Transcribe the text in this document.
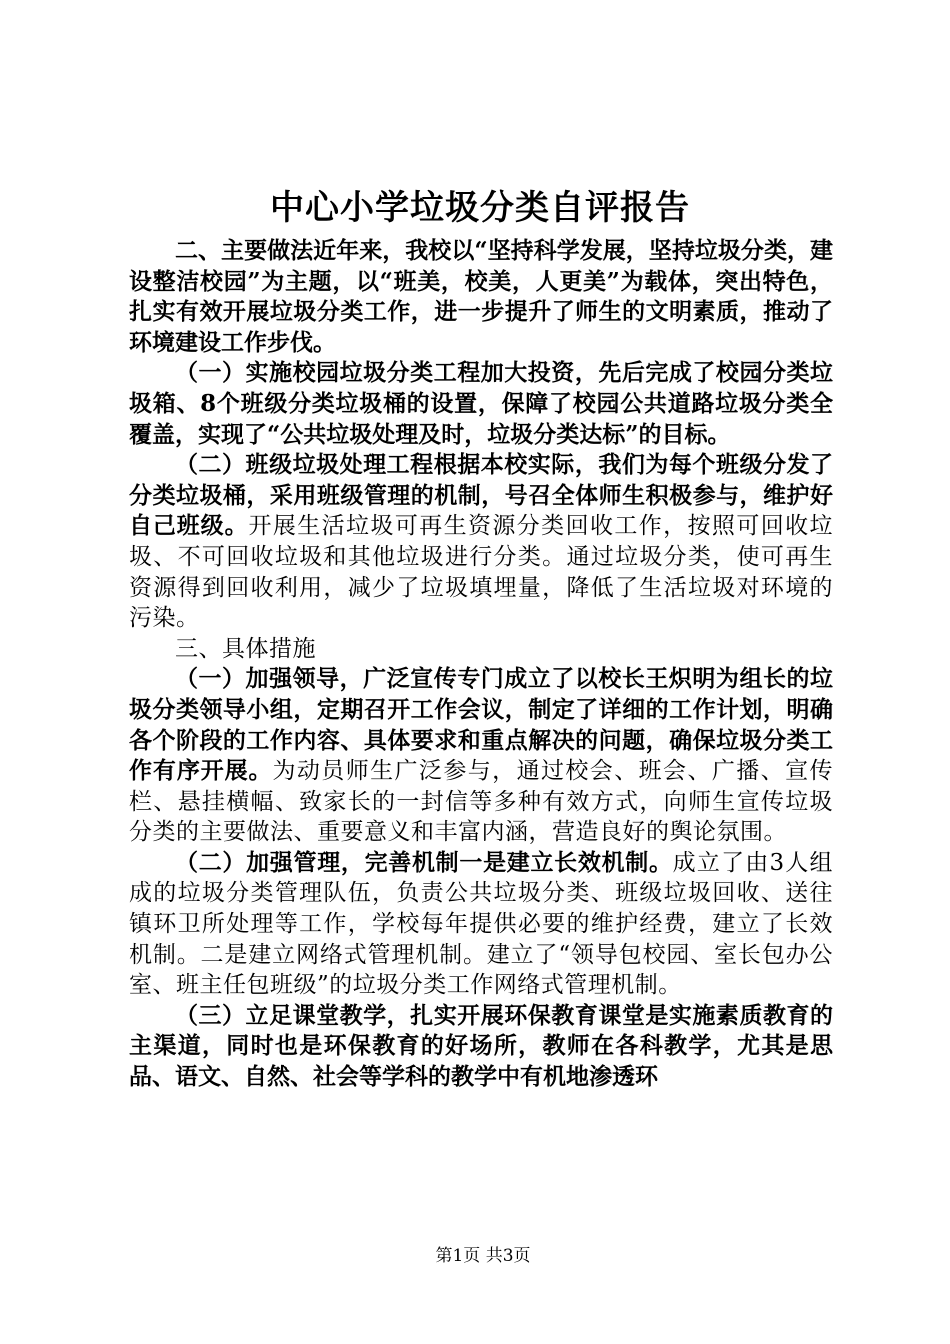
中心小学垃圾分类自评报告

二、主要做法近年来，我校以“坚持科学发展，坚持垃圾分类，建设整洁校园”为主题，以“班美，校美，人更美”为载体，突出特色，扎实有效开展垃圾分类工作，进一步提升了师生的文明素质，推动了环境建设工作步伐。

（一）实施校园垃圾分类工程加大投资，先后完成了校园分类垃圾箱、8个班级分类垃圾桶的设置，保障了校园公共道路垃圾分类全覆盖，实现了“公共垃圾处理及时，垃圾分类达标”的目标。

（二）班级垃圾处理工程根据本校实际，我们为每个班级分发了分类垃圾桶，采用班级管理的机制，号召全体师生积极参与，维护好自己班级。开展生活垃圾可再生资源分类回收工作，按照可回收垃圾、不可回收垃圾和其他垃圾进行分类。通过垃圾分类，使可再生资源得到回收利用，减少了垃圾填埋量，降低了生活垃圾对环境的污染。

三、具体措施

（一）加强领导，广泛宣传专门成立了以校长王炽明为组长的垃圾分类领导小组，定期召开工作会议，制定了详细的工作计划，明确各个阶段的工作内容、具体要求和重点解决的问题，确保垃圾分类工作有序开展。为动员师生广泛参与，通过校会、班会、广播、宣传栏、悬挂横幅、致家长的一封信等多种有效方式，向师生宣传垃圾分类的主要做法、重要意义和丰富内涵，营造良好的舆论氛围。

（二）加强管理，完善机制一是建立长效机制。成立了由3人组成的垃圾分类管理队伍，负责公共垃圾分类、班级垃圾回收、送往镇环卫所处理等工作，学校每年提供必要的维护经费，建立了长效机制。二是建立网络式管理机制。建立了“领导包校园、室长包办公室、班主任包班级”的垃圾分类工作网络式管理机制。

（三）立足课堂教学，扎实开展环保教育课堂是实施素质教育的主渠道，同时也是环保教育的好场所，教师在各科教学，尤其是思品、语文、自然、社会等学科的教学中有机地渗透环

第1页 共3页
